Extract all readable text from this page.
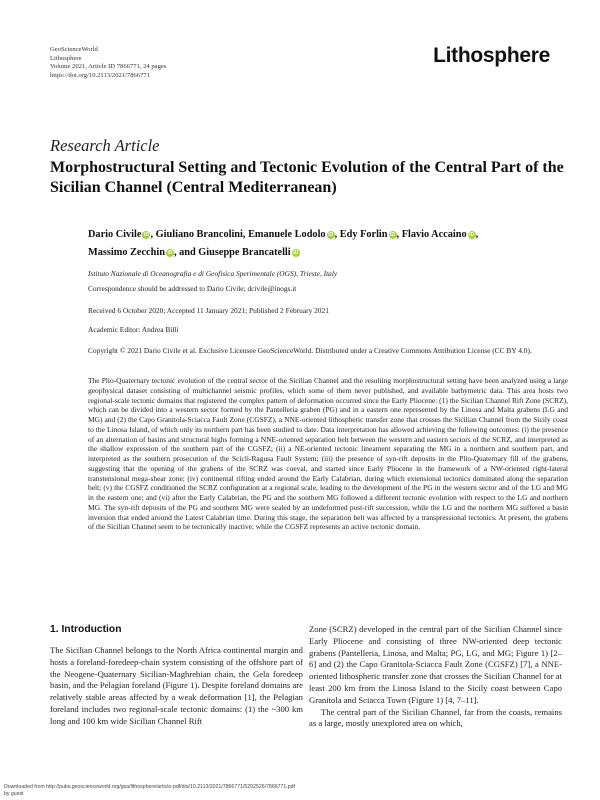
GeoScienceWorld
Lithosphere
Volume 2021, Article ID 7866771, 24 pages
https://doi.org/10.2113/2021/7866771
Lithosphere
Research Article
Morphostructural Setting and Tectonic Evolution of the Central Part of the Sicilian Channel (Central Mediterranean)
Dario Civile iD , Giuliano Brancolini, Emanuele Lodolo iD , Edy Forlin iD , Flavio Accaino iD ,
Massimo Zecchin iD , and Giuseppe Brancatelli iD
Istituto Nazionale di Oceanografia e di Geofisica Sperimentale (OGS), Trieste, Italy
Correspondence should be addressed to Dario Civile; dcivile@inogs.it
Received 6 October 2020; Accepted 11 January 2021; Published 2 February 2021
Academic Editor: Andrea Billi
Copyright © 2021 Dario Civile et al. Exclusive Licensee GeoScienceWorld. Distributed under a Creative Commons Attribution License (CC BY 4.0).
The Plio-Quaternary tectonic evolution of the central sector of the Sicilian Channel and the resulting morphostructural setting have been analyzed using a large geophysical dataset consisting of multichannel seismic profiles, which some of them never published, and available bathymetric data. This area hosts two regional-scale tectonic domains that registered the complex pattern of deformation occurred since the Early Pliocene: (1) the Sicilian Channel Rift Zone (SCRZ), which can be divided into a western sector formed by the Pantelleria graben (PG) and in a eastern one represented by the Linosa and Malta grabens (LG and MG) and (2) the Capo Granitola-Sciacca Fault Zone (CGSFZ), a NNE-oriented lithospheric transfer zone that crosses the Sicilian Channel from the Sicily coast to the Linosa Island, of which only its northern part has been studied to date. Data interpretation has allowed achieving the following outcomes: (i) the presence of an alternation of basins and structural highs forming a NNE-oriented separation belt between the western and eastern sectors of the SCRZ, and interpreted as the shallow expression of the southern part of the CGSFZ; (ii) a NE-oriented tectonic lineament separating the MG in a northern and southern part, and interpreted as the southern prosecution of the Scicli-Ragusa Fault System; (iii) the presence of syn-rift deposits in the Plio-Quaternary fill of the grabens, suggesting that the opening of the grabens of the SCRZ was coeval, and started since Early Pliocene in the framework of a NW-oriented right-lateral transtensional mega-shear zone; (iv) continental rifting ended around the Early Calabrian, during which extensional tectonics dominated along the separation belt; (v) the CGSFZ conditioned the SCRZ configuration at a regional scale, leading to the development of the PG in the western sector and of the LG and MG in the eastern one; and (vi) after the Early Calabrian, the PG and the southern MG followed a different tectonic evolution with respect to the LG and northern MG. The syn-rift deposits of the PG and southern MG were sealed by an undeformed post-rift succession, while the LG and the northern MG suffered a basin inversion that ended around the Latest Calabrian time. During this stage, the separation belt was affected by a transpressional tectonics. At present, the grabens of the Sicilian Channel seem to be tectonically inactive, while the CGSFZ represents an active tectonic domain.
1. Introduction
The Sicilian Channel belongs to the North Africa continental margin and hosts a foreland-foredeep-chain system consisting of the offshore part of the Neogene-Quaternary Sicilian-Maghrebian chain, the Gela foredeep basin, and the Pelagian foreland (Figure 1). Despite foreland domains are relatively stable areas affected by a weak deformation [1], the Pelagian foreland includes two regional-scale tectonic domains: (1) the ~300 km long and 100 km wide Sicilian Channel Rift

Zone (SCRZ) developed in the central part of the Sicilian Channel since Early Pliocene and consisting of three NW-oriented deep tectonic grabens (Pantelleria, Linosa, and Malta; PG, LG, and MG; Figure 1) [2–6] and (2) the Capo Granitola-Sciacca Fault Zone (CGSFZ) [7], a NNE-oriented lithospheric transfer zone that crosses the Sicilian Channel for at least 200 km from the Linosa Island to the Sicily coast between Capo Granitola and Sciacca Town (Figure 1) [4, 7–11].

The central part of the Sicilian Channel, far from the coasts, remains as a large, mostly unexplored area on which,

Downloaded from http://pubs.geoscienceworld.org/gsa/lithosphere/article-pdf/doi/10.2113/2021/7866771/5292526/7866771.pdf
by guest
